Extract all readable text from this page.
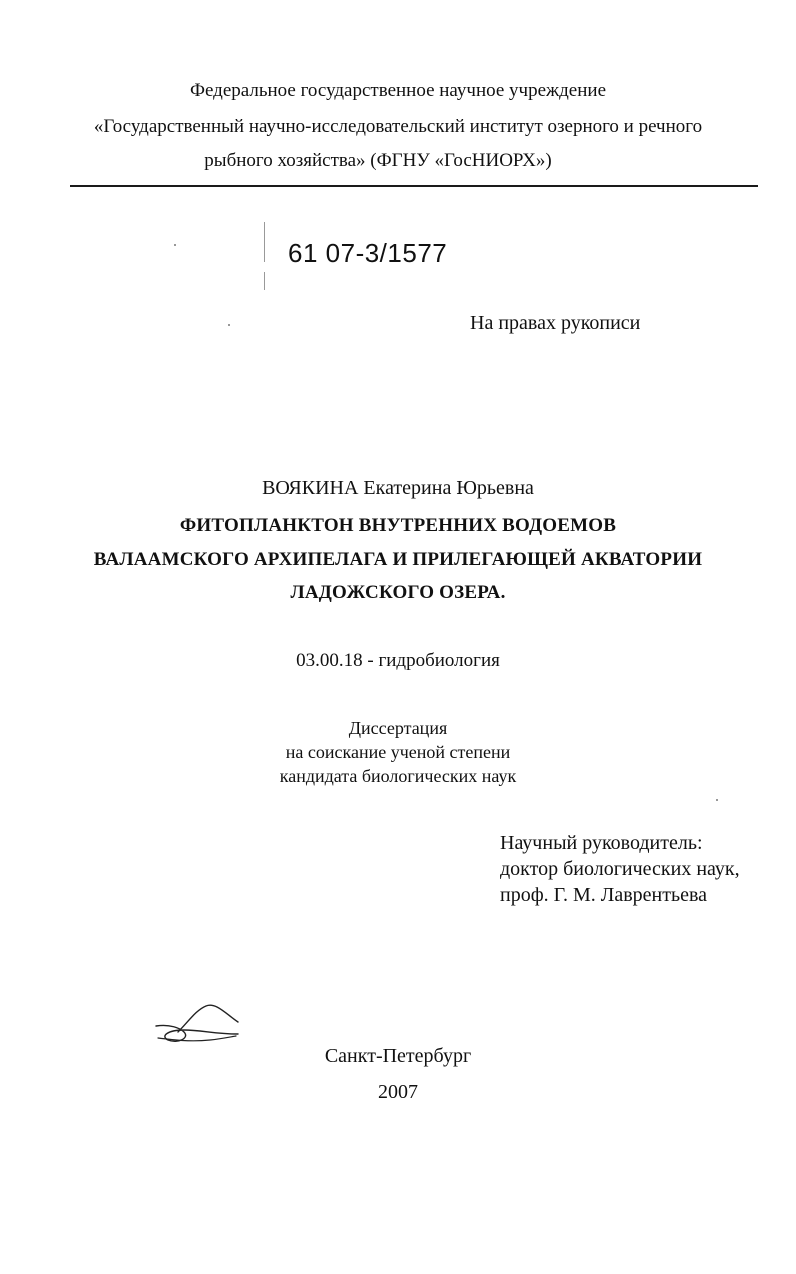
Федеральное государственное научное учреждение
«Государственный научно-исследовательский институт озерного и речного
рыбного хозяйства» (ФГНУ «ГосНИОРХ»)
61 07-3/1577
На правах рукописи
ВОЯКИНА Екатерина Юрьевна
ФИТОПЛАНКТОН ВНУТРЕННИХ ВОДОЕМОВ
ВАЛААМСКОГО АРХИПЕЛАГА И ПРИЛЕГАЮЩЕЙ АКВАТОРИИ
ЛАДОЖСКОГО ОЗЕРА.
03.00.18 - гидробиология
Диссертация
на соискание ученой степени
кандидата биологических наук
Научный руководитель:
доктор биологических наук,
проф. Г. М. Лаврентьева
Санкт-Петербург
2007
